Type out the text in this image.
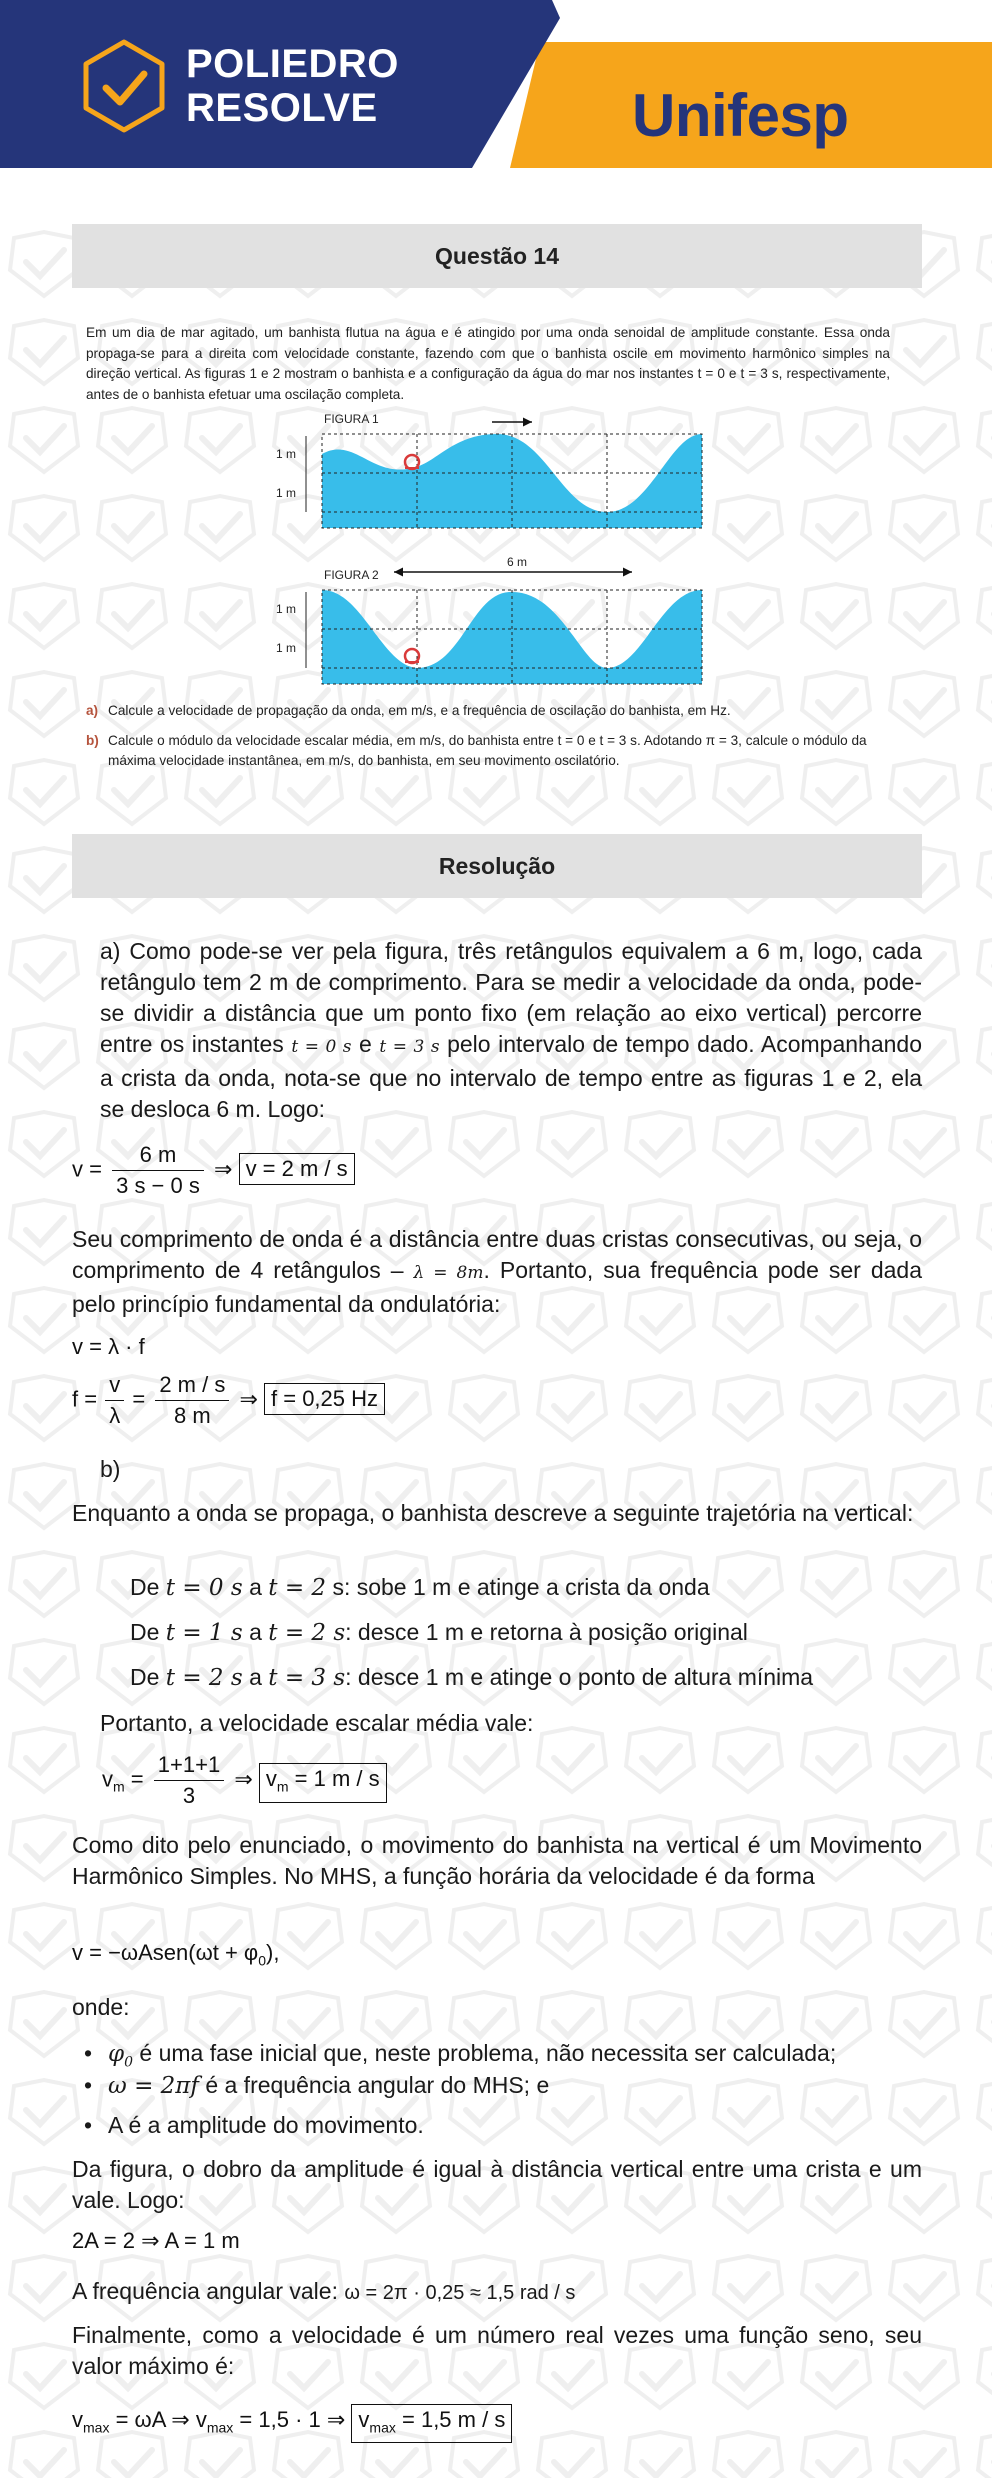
POLIEDRO
RESOLVE	Unifesp
Questão 14
Em um dia de mar agitado, um banhista flutua na água e é atingido por uma onda senoidal de amplitude constante. Essa onda propaga-se para a direita com velocidade constante, fazendo com que o banhista oscile em movimento harmônico simples na direção vertical. As figuras 1 e 2 mostram o banhista e a configuração da água do mar nos instantes t = 0 e t = 3 s, respectivamente, antes de o banhista efetuar uma oscilação completa.
FIGURA 1
1 m
1 m
FIGURA 2
6 m
1 m
1 m
a) Calcule a velocidade de propagação da onda, em m/s, e a frequência de oscilação do banhista, em Hz.
b) Calcule o módulo da velocidade escalar média, em m/s, do banhista entre t = 0 e t = 3 s. Adotando π = 3, calcule o módulo da máxima velocidade instantânea, em m/s, do banhista, em seu movimento oscilatório.
Resolução
a) Como pode-se ver pela figura, três retângulos equivalem a 6 m, logo, cada retângulo tem 2 m de comprimento. Para se medir a velocidade da onda, pode-se dividir a distância que um ponto fixo (em relação ao eixo vertical) percorre entre os instantes t = 0 s e t = 3 s pelo intervalo de tempo dado. Acompanhando a crista da onda, nota-se que no intervalo de tempo entre as figuras 1 e 2, ela se desloca 6 m. Logo:
$v = \frac{6 m}{3 s - 0 s}$ ⇒ v = 2 m / s
Seu comprimento de onda é a distância entre duas cristas consecutivas, ou seja, o comprimento de 4 retângulos – λ = 8m. Portanto, sua frequência pode ser dada pelo princípio fundamental da ondulatória:
v = λ · f
$f = \frac{v}{\lambda} = \frac{2 m / s}{8 m}$ ⇒ f = 0,25 Hz
b)
Enquanto a onda se propaga, o banhista descreve a seguinte trajetória na vertical:
De t = 0 s a t = 2 s: sobe 1 m e atinge a crista da onda
De t = 1 s a t = 2 s: desce 1 m e retorna à posição original
De t = 2 s a t = 3 s: desce 1 m e atinge o ponto de altura mínima
Portanto, a velocidade escalar média vale:
$v_m = \frac{1+1+1}{3}$ ⇒ $v_m = 1$ m / s
Como dito pelo enunciado, o movimento do banhista na vertical é um Movimento Harmônico Simples. No MHS, a função horária da velocidade é da forma
v = −ωAsen(ωt + $\varphi_0$),
onde:
• $\varphi_0$ é uma fase inicial que, neste problema, não necessita ser calculada;
• ω = 2πf é a frequência angular do MHS; e
• A é a amplitude do movimento.
Da figura, o dobro da amplitude é igual à distância vertical entre uma crista e um vale. Logo:
2A = 2 ⇒ A = 1 m
A frequência angular vale: ω = 2π · 0,25 ≈ 1,5 rad / s
Finalmente, como a velocidade é um número real vezes uma função seno, seu valor máximo é:
$v_{max} = \omega A$ ⇒ $v_{max} = 1,5 \cdot 1$ ⇒ $v_{max} = 1,5$ m / s
